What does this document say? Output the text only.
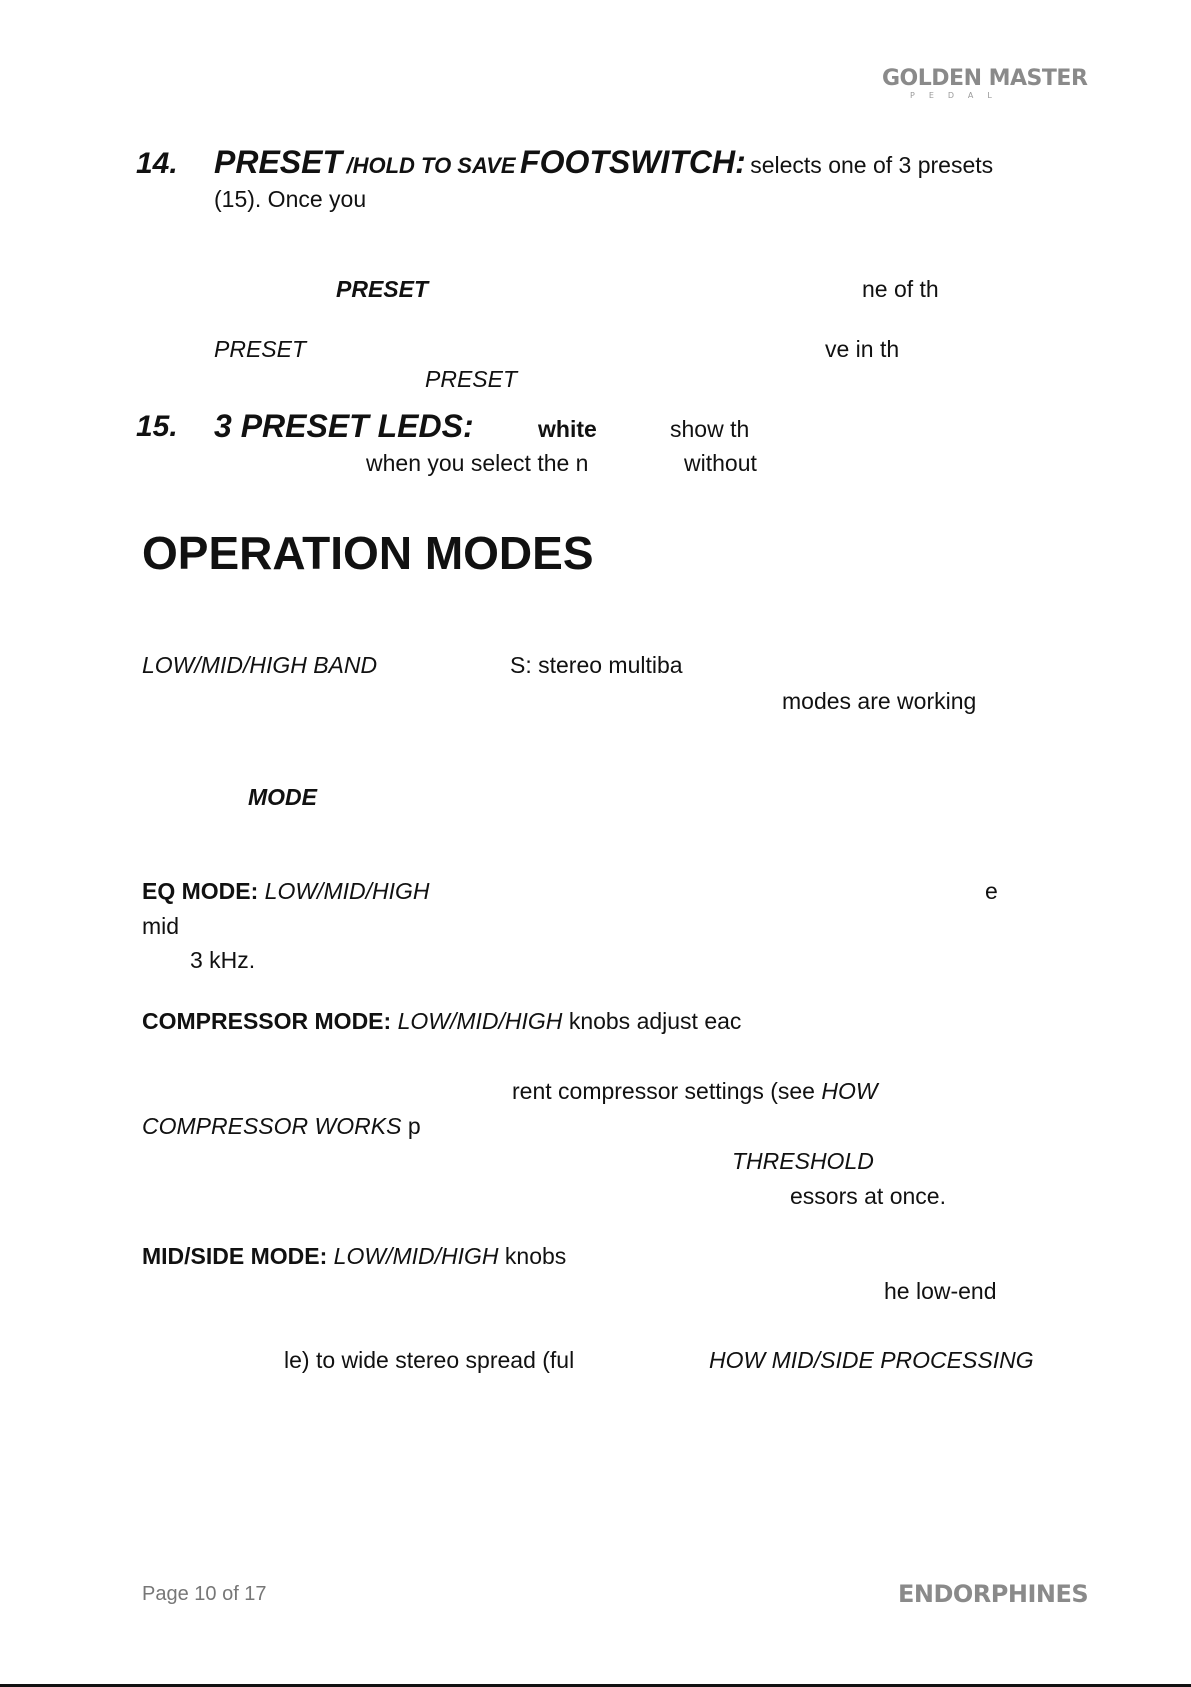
GOLDEN MASTER
PEDAL
14. PRESET /HOLD TO SAVE FOOTSWITCH: selects one of 3 presets
(15). Once you
PRESET	ne of th
PRESET	ve in th
PRESET
15. 3 PRESET LEDS:	white	show th
when you select the n	without
OPERATION MODES
LOW/MID/HIGH BAND	S: stereo multiba
modes are working
MODE
EQ MODE: LOW/MID/HIGH	e
mid
3 kHz.
COMPRESSOR MODE: LOW/MID/HIGH knobs adjust eac
rent compressor settings (see HOW
COMPRESSOR WORKS p
THRESHOLD
essors at once.
MID/SIDE MODE: LOW/MID/HIGH knobs
he low-end
le) to wide stereo spread (ful	HOW MID/SIDE PROCESSING
Page 10 of 17	ENDORPHINES
